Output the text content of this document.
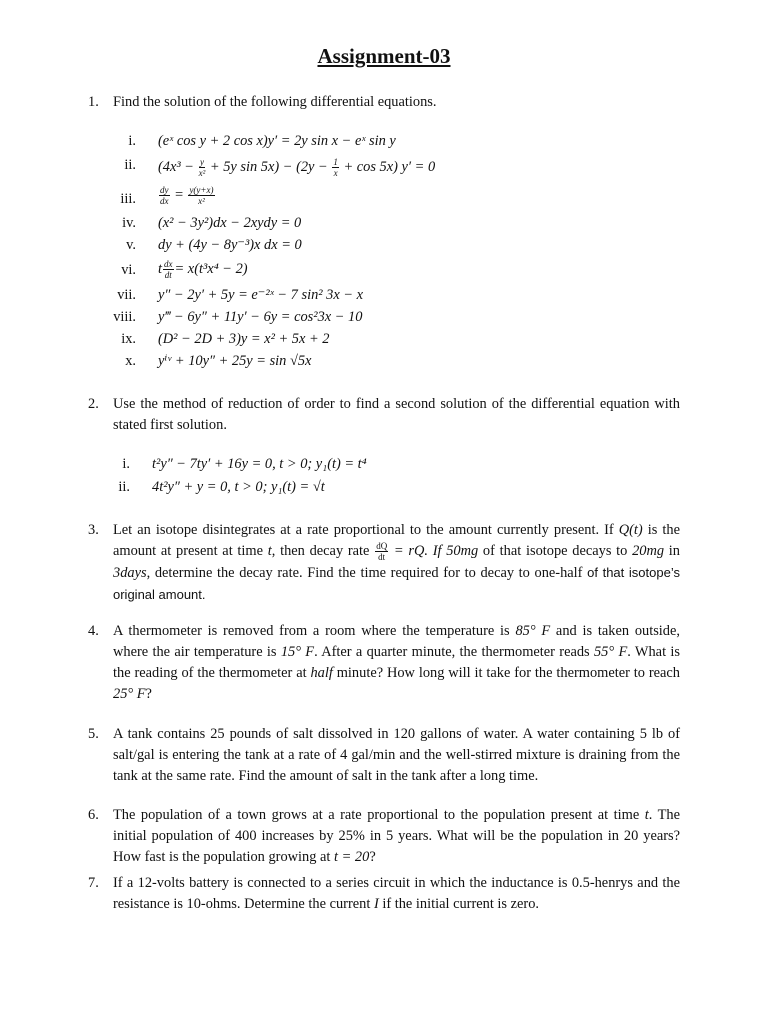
Assignment-03
1. Find the solution of the following differential equations.
i. (eˣ cos y + 2 cos x)y′ = 2y sin x − eˣ sin y
ii. ($4x^3 - \frac{y}{\text{x²}} + 5y$ $\sin 5x) - (2y - \frac{1}{x} + \cos 5x)$ y′ = 0
iii.	$\frac{dy}{dx} = \frac{y(y+x)}{\text{x²}}$
iv. (x² − 3y²)dx − 2xydy = 0
v. dy + (4y − 8y⁻³)x dx = 0
vi. t $\frac{dx}{dt} = x(t^3x^4 - 2)$
vii. y″ − 2y′ + 5y = e⁻²ˣ − 7 sin² 3x − x
viii. y‴ − 6y″ + 11y′ − 6y = cos²3x − 10
ix. (D² − 2D + 3)y = x² + 5x + 2
x. yⁱᵛ + 10y″ + 25y = sin √5x
2. Use the method of reduction of order to find a second solution of the differential equation with stated first solution.
i. t²y″ − 7ty′ + 16y = 0, t > 0; y₁(t) = t⁴
ii. 4t²y″ + y = 0, t > 0; y₁(t) = √t
3. Let an isotope disintegrates at a rate proportional to the amount currently present. If Q(t) is the amount at present at time t, then decay rate $\frac{dQ}{dt}$ = rQ. If 50mg of that isotope decays to 20mg in 3days, determine the decay rate. Find the time required for to decay to one-half of that isotope’s original amount.
4. A thermometer is removed from a room where the temperature is 85° F and is taken outside, where the air temperature is 15° F. After a quarter minute, the thermometer reads 55° F. What is the reading of the thermometer at half minute? How long will it take for the thermometer to reach 25° F?
5. A tank contains 25 pounds of salt dissolved in 120 gallons of water. A water containing 5 lb of salt/gal is entering the tank at a rate of 4 gal/min and the well-stirred mixture is draining from the tank at the same rate. Find the amount of salt in the tank after a long time.
6. The population of a town grows at a rate proportional to the population present at time t. The initial population of 400 increases by 25% in 5 years. What will be the population in 20 years? How fast is the population growing at t = 20?
7. If a 12-volts battery is connected to a series circuit in which the inductance is 0.5-henrys and the resistance is 10-ohms. Determine the current I if the initial current is zero.
